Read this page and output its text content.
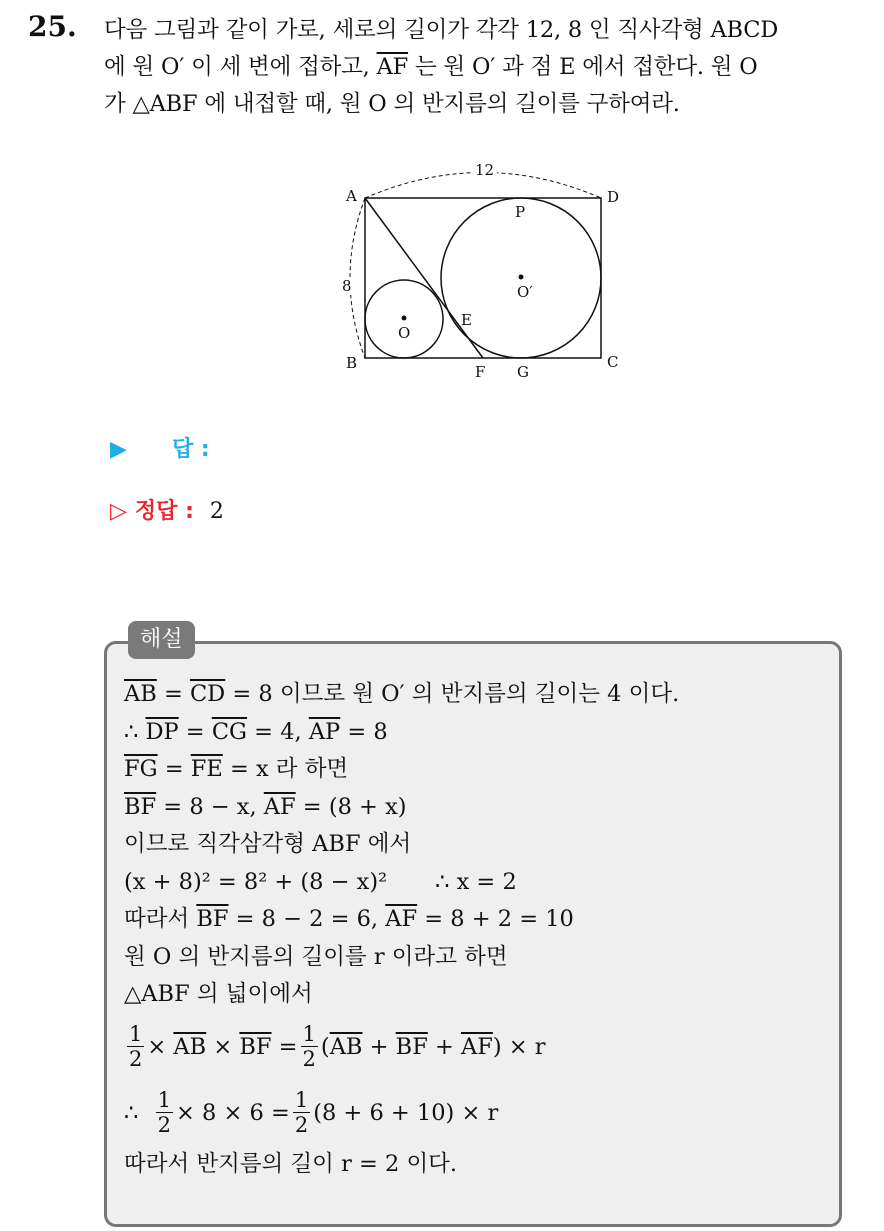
25. 다음 그림과 같이 가로, 세로의 길이가 각각 12, 8 인 직사각형 ABCD
에 원 O′ 이 세 변에 접하고, $\overline{AF}$ 는 원 O′ 과 점 E 에서 접한다. 원 O
가 △ABF 에 내접할 때, 원 O 의 반지름의 길이를 구하여라.
12
8
A	D
B	C
P
O′
O
E
F G
▶ 답 :
▷ 정답 : 2
해설
$\overline{AB} = \overline{CD} = 8$ 이므로 원 O′ 의 반지름의 길이는 4 이다.
∴ $\overline{DP} = \overline{CG} = 4$, $\overline{AP} = 8$
$\overline{FG} = \overline{FE} = x$ 라 하면
$\overline{BF} = 8 - x$, $\overline{AF} = (8 + x)$
이므로 직각삼각형 ABF 에서
(x + 8)² = 8² + (8 − x)² ∴ x = 2
따라서 $\overline{BF} = 8 - 2 = 6$, $\overline{AF} = 8 + 2 = 10$
원 O 의 반지름의 길이를 r 이라고 하면
△ABF 의 넓이에서
$\frac{1}{2}$ ×
$\overline{AB}$
×
$\overline{BF}$
= $\frac{1}{2}$ ( $\overline{AB}$
+
$\overline{BF}$
+
$\overline{AF}$ ) × r
∴
$\frac{1}{2} \times 8 \times 6 = \frac{1}{2} (8 + 6 + 10) \times r$
따라서 반지름의 길이 r = 2 이다.
